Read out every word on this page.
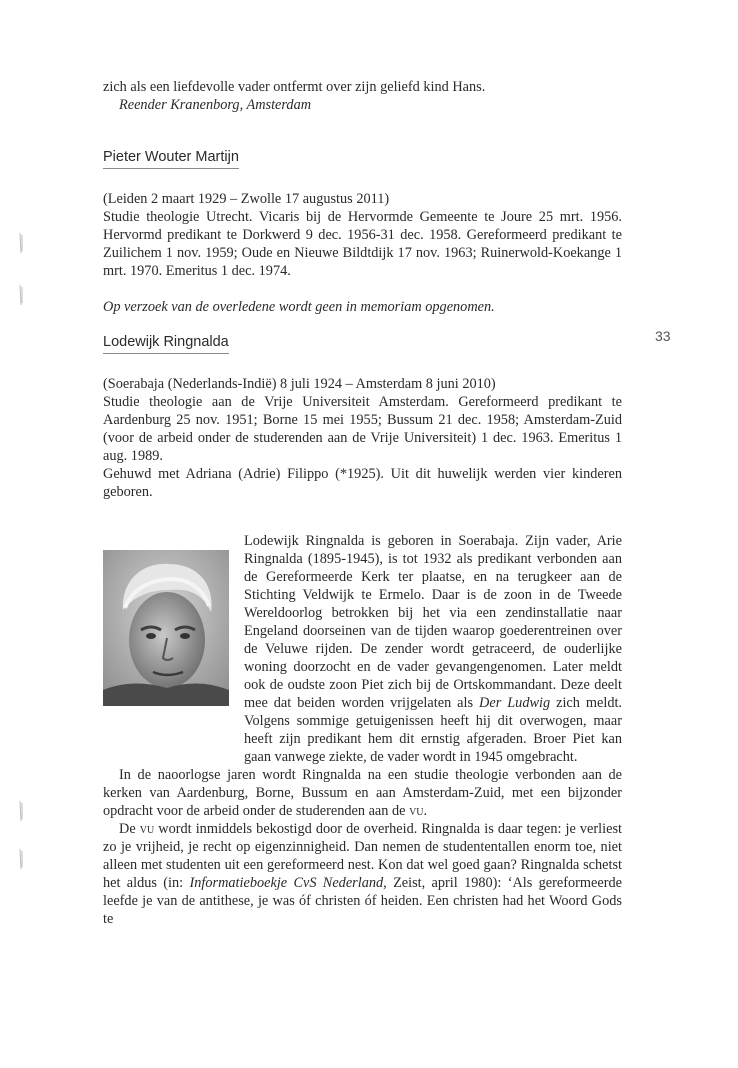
zich als een liefdevolle vader ontfermt over zijn geliefd kind Hans.

Reender Kranenborg, Amsterdam

Pieter Wouter Martijn

(Leiden 2 maart 1929 – Zwolle 17 augustus 2011)

Studie theologie Utrecht. Vicaris bij de Hervormde Gemeente te Joure 25 mrt. 1956. Hervormd predikant te Dorkwerd 9 dec. 1956-31 dec. 1958. Gereformeerd predikant te Zuilichem 1 nov. 1959; Oude en Nieuwe Bildtdijk 17 nov. 1963; Ruinerwold-Koekange 1 mrt. 1970. Emeritus 1 dec. 1974.

Op verzoek van de overledene wordt geen in memoriam opgenomen.

33
Lodewijk Ringnalda

(Soerabaja (Nederlands-Indië) 8 juli 1924 – Amsterdam 8 juni 2010)

Studie theologie aan de Vrije Universiteit Amsterdam. Gereformeerd predikant te Aardenburg 25 nov. 1951; Borne 15 mei 1955; Bussum 21 dec. 1958; Amsterdam-Zuid (voor de arbeid onder de studerenden aan de Vrije Universiteit) 1 dec. 1963. Emeritus 1 aug. 1989.

Gehuwd met Adriana (Adrie) Filippo (*1925). Uit dit huwelijk werden vier kinderen geboren.

Lodewijk Ringnalda is geboren in Soerabaja. Zijn vader, Arie Ringnalda (1895-1945), is tot 1932 als predikant verbonden aan de Gereformeerde Kerk ter plaatse, en na terugkeer aan de Stichting Veldwijk te Ermelo. Daar is de zoon in de Tweede Wereldoorlog betrokken bij het via een zendinstallatie naar Engeland doorseinen van de tijden waarop goederentreinen over de Veluwe rijden. De zender wordt getraceerd, de ouderlijke woning doorzocht en de vader gevangengenomen. Later meldt ook de oudste zoon Piet zich bij de Ortskommandant. Deze deelt mee dat beiden worden vrijgelaten als Der Ludwig zich meldt. Volgens sommige getuigenissen heeft hij dit overwogen, maar heeft zijn predikant hem dit ernstig afgeraden. Broer Piet kan gaan vanwege ziekte, de vader wordt in 1945 omgebracht.

In de naoorlogse jaren wordt Ringnalda na een studie theologie verbonden aan de kerken van Aardenburg, Borne, Bussum en aan Amsterdam-Zuid, met een bijzonder opdracht voor de arbeid onder de studerenden aan de vu.

De vu wordt inmiddels bekostigd door de overheid. Ringnalda is daar tegen: je verliest zo je vrijheid, je recht op eigenzinnigheid. Dan nemen de studententallen enorm toe, niet alleen met studenten uit een gereformeerd nest. Kon dat wel goed gaan? Ringnalda schetst het aldus (in: Informatieboekje CvS Nederland, Zeist, april 1980): ‘Als gereformeerde leefde je van de antithese, je was óf christen óf heiden. Een christen had het Woord Gods te
